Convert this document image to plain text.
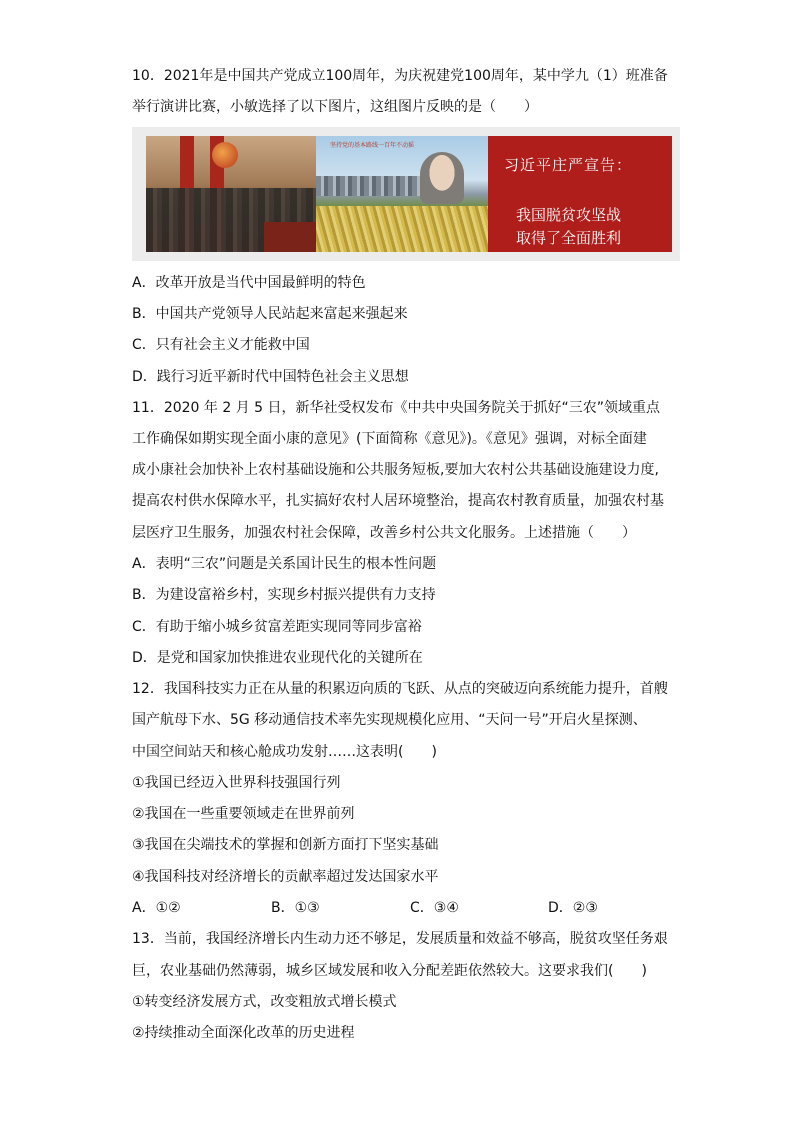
10．2021年是中国共产党成立100周年，为庆祝建党100周年，某中学九（1）班准备
举行演讲比赛，小敏选择了以下图片，这组图片反映的是（　　）
坚持党的基本路线一百年不动摇
习近平庄严宣告：
我国脱贫攻坚战
取得了全面胜利
A．改革开放是当代中国最鲜明的特色
B．中国共产党领导人民站起来富起来强起来
C．只有社会主义才能救中国
D．践行习近平新时代中国特色社会主义思想
11．2020 年 2 月 5 日，新华社受权发布《中共中央国务院关于抓好“三农”领域重点
工作确保如期实现全面小康的意见》(下面简称《意见》)。《意见》强调，对标全面建
成小康社会加快补上农村基础设施和公共服务短板,要加大农村公共基础设施建设力度,
提高农村供水保障水平，扎实搞好农村人居环境整治，提高农村教育质量，加强农村基
层医疗卫生服务，加强农村社会保障，改善乡村公共文化服务。上述措施（　　）
A．表明“三农”问题是关系国计民生的根本性问题
B．为建设富裕乡村，实现乡村振兴提供有力支持
C．有助于缩小城乡贫富差距实现同等同步富裕
D．是党和国家加快推进农业现代化的关键所在
12．我国科技实力正在从量的积累迈向质的飞跃、从点的突破迈向系统能力提升，首艘
国产航母下水、5G 移动通信技术率先实现规模化应用、“天问一号”开启火星探测、
中国空间站天和核心舱成功发射……这表明(　　)
①我国已经迈入世界科技强国行列
②我国在一些重要领域走在世界前列
③我国在尖端技术的掌握和创新方面打下坚实基础
④我国科技对经济增长的贡献率超过发达国家水平
A．①②	B．①③	C．③④	D．②③
13．当前，我国经济增长内生动力还不够足，发展质量和效益不够高，脱贫攻坚任务艰
巨，农业基础仍然薄弱，城乡区域发展和收入分配差距依然较大。这要求我们(　　)
①转变经济发展方式，改变粗放式增长模式
②持续推动全面深化改革的历史进程
